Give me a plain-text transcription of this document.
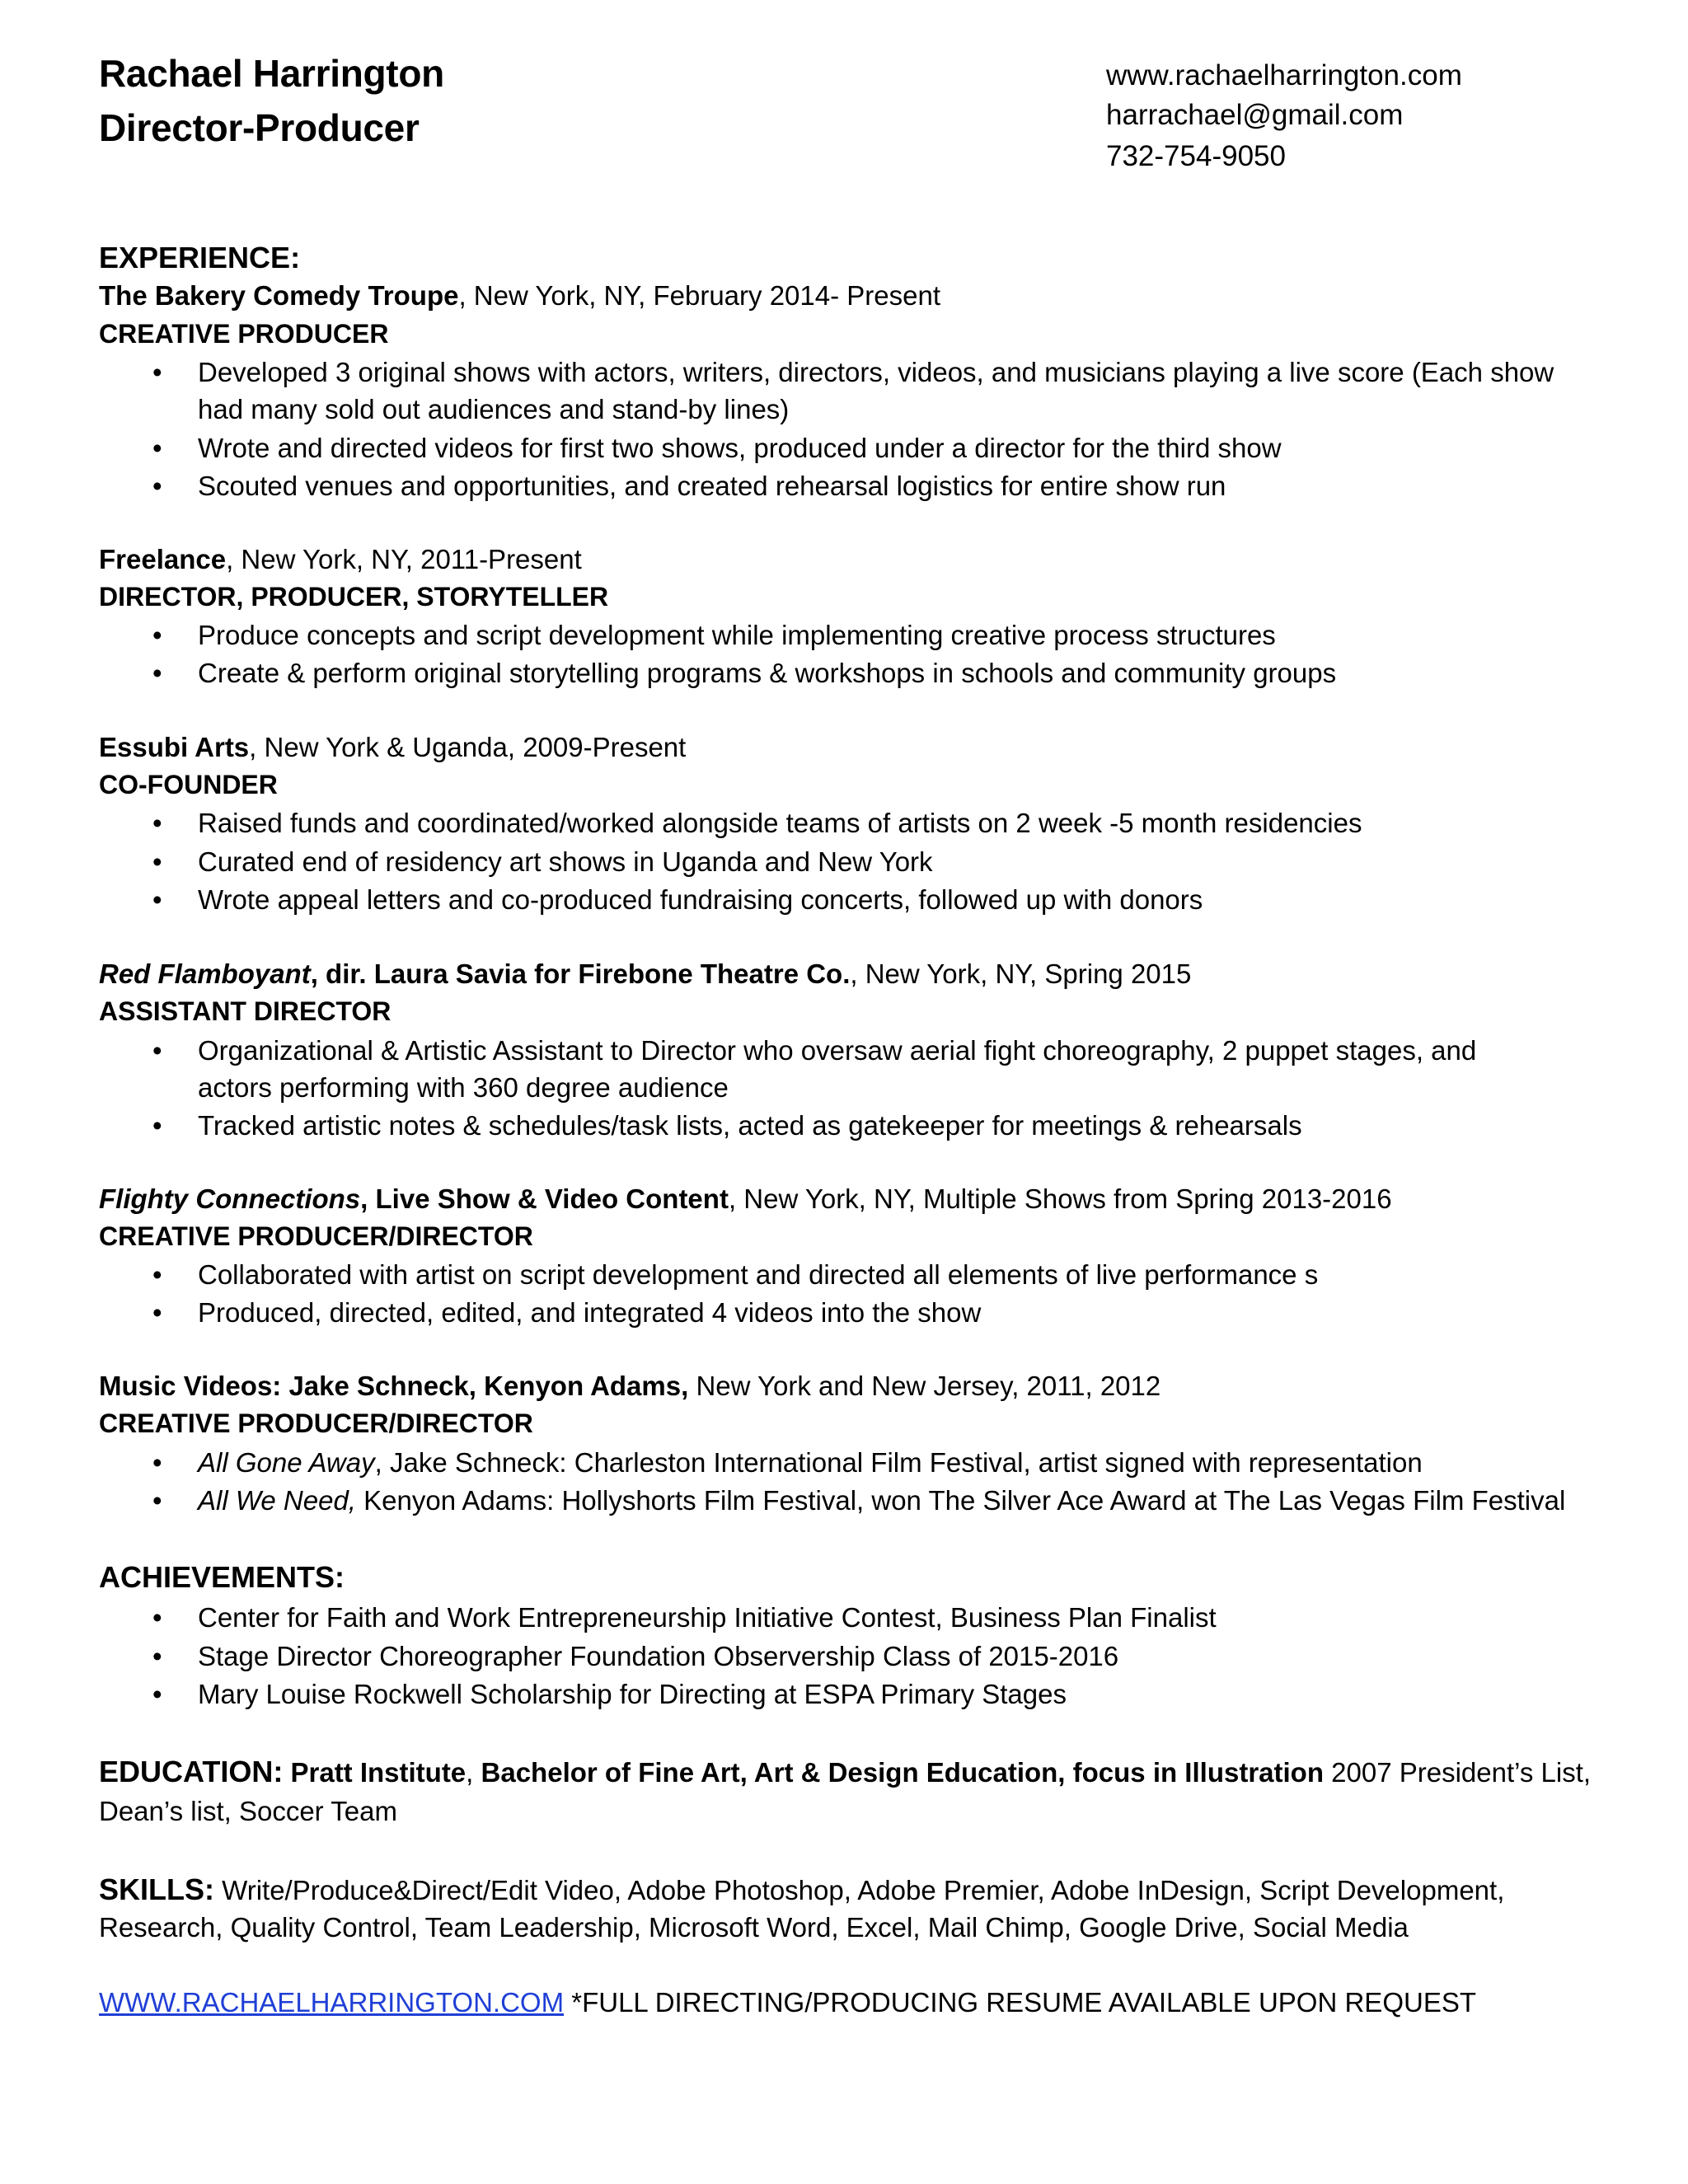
Rachael Harrington
Director-Producer
www.rachaelharrington.com
harrachael@gmail.com
732-754-9050
EXPERIENCE:
The Bakery Comedy Troupe, New York, NY, February 2014- Present
CREATIVE PRODUCER
• Developed 3 original shows with actors, writers, directors, videos, and musicians playing a live score (Each show
had many sold out audiences and stand-by lines)
• Wrote and directed videos for first two shows, produced under a director for the third show
• Scouted venues and opportunities, and created rehearsal logistics for entire show run
Freelance, New York, NY, 2011-Present
DIRECTOR, PRODUCER, STORYTELLER
• Produce concepts and script development while implementing creative process structures
• Create & perform original storytelling programs & workshops in schools and community groups
Essubi Arts, New York & Uganda, 2009-Present
CO-FOUNDER
• Raised funds and coordinated/worked alongside teams of artists on 2 week -5 month residencies
• Curated end of residency art shows in Uganda and New York
• Wrote appeal letters and co-produced fundraising concerts, followed up with donors
Red Flamboyant, dir. Laura Savia for Firebone Theatre Co., New York, NY, Spring 2015
ASSISTANT DIRECTOR
• Organizational & Artistic Assistant to Director who oversaw aerial fight choreography, 2 puppet stages, and
actors performing with 360 degree audience
• Tracked artistic notes & schedules/task lists, acted as gatekeeper for meetings & rehearsals
Flighty Connections, Live Show & Video Content, New York, NY, Multiple Shows from Spring 2013-2016
CREATIVE PRODUCER/DIRECTOR
• Collaborated with artist on script development and directed all elements of live performance s
• Produced, directed, edited, and integrated 4 videos into the show
Music Videos: Jake Schneck, Kenyon Adams, New York and New Jersey, 2011, 2012
CREATIVE PRODUCER/DIRECTOR
• All Gone Away, Jake Schneck: Charleston International Film Festival, artist signed with representation
• All We Need, Kenyon Adams: Hollyshorts Film Festival, won The Silver Ace Award at The Las Vegas Film Festival
ACHIEVEMENTS:
• Center for Faith and Work Entrepreneurship Initiative Contest, Business Plan Finalist
• Stage Director Choreographer Foundation Observership Class of 2015-2016
• Mary Louise Rockwell Scholarship for Directing at ESPA Primary Stages
EDUCATION: Pratt Institute, Bachelor of Fine Art, Art & Design Education, focus in Illustration 2007 President’s List,
Dean’s list, Soccer Team
SKILLS: Write/Produce&Direct/Edit Video, Adobe Photoshop, Adobe Premier, Adobe InDesign, Script Development,
Research, Quality Control, Team Leadership, Microsoft Word, Excel, Mail Chimp, Google Drive, Social Media
WWW.RACHAELHARRINGTON.COM *FULL DIRECTING/PRODUCING RESUME AVAILABLE UPON REQUEST
